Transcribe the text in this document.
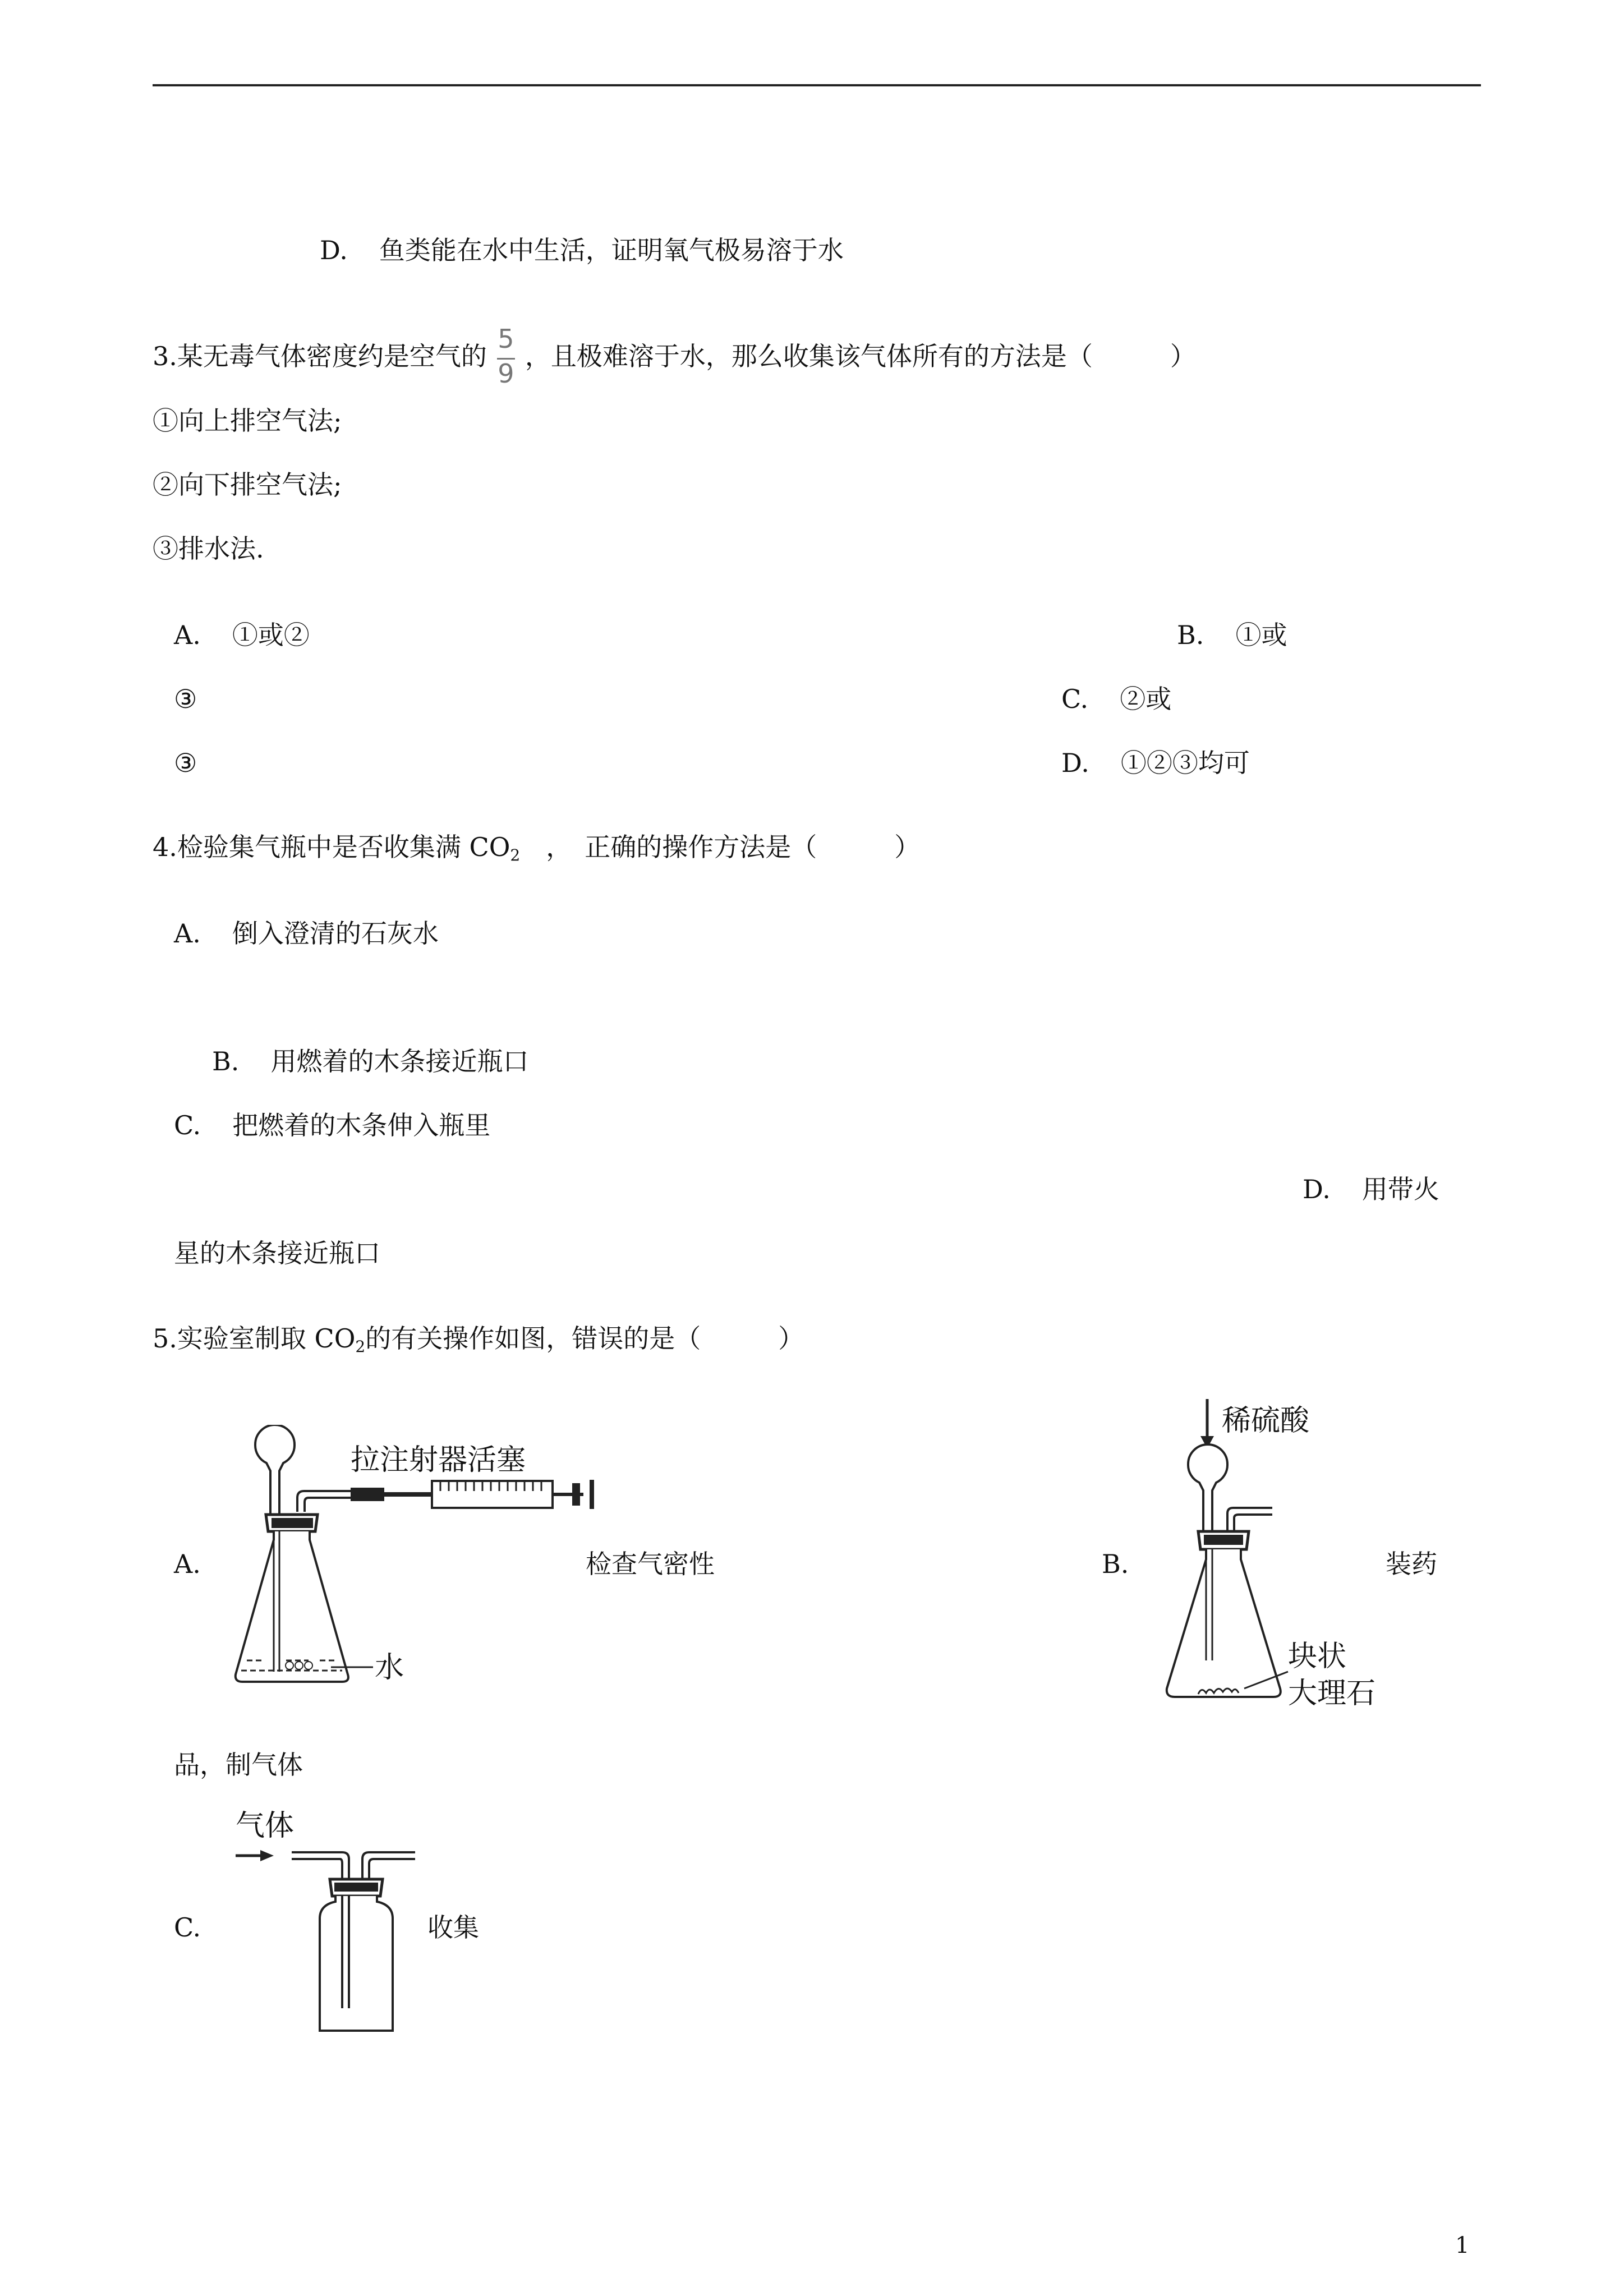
D. 鱼类能在水中生活，证明氧气极易溶于水
3.某无毒气体密度约是空气的 $\frac{5}{9}$ ，且极难溶于水，那么收集该气体所有的方法是（　　　）
①向上排空气法;
②向下排空气法;
③排水法.
A. ①或②	B. ①或
③	C. ②或
③	D. ①②③均可
4.检验集气瓶中是否收集满 $CO_2$　，　正确的操作方法是（　　　）
A. 倒入澄清的石灰水
B. 用燃着的木条接近瓶口
C. 把燃着的木条伸入瓶里
D. 用带火
星的木条接近瓶口
5.实验室制取 $CO_2$的有关操作如图，错误的是（　　　）
A.
水
拉注射器活塞
检查气密性	B.
稀硫酸
块状
大理石
装药
品，制气体
C.
气体
收集
1
